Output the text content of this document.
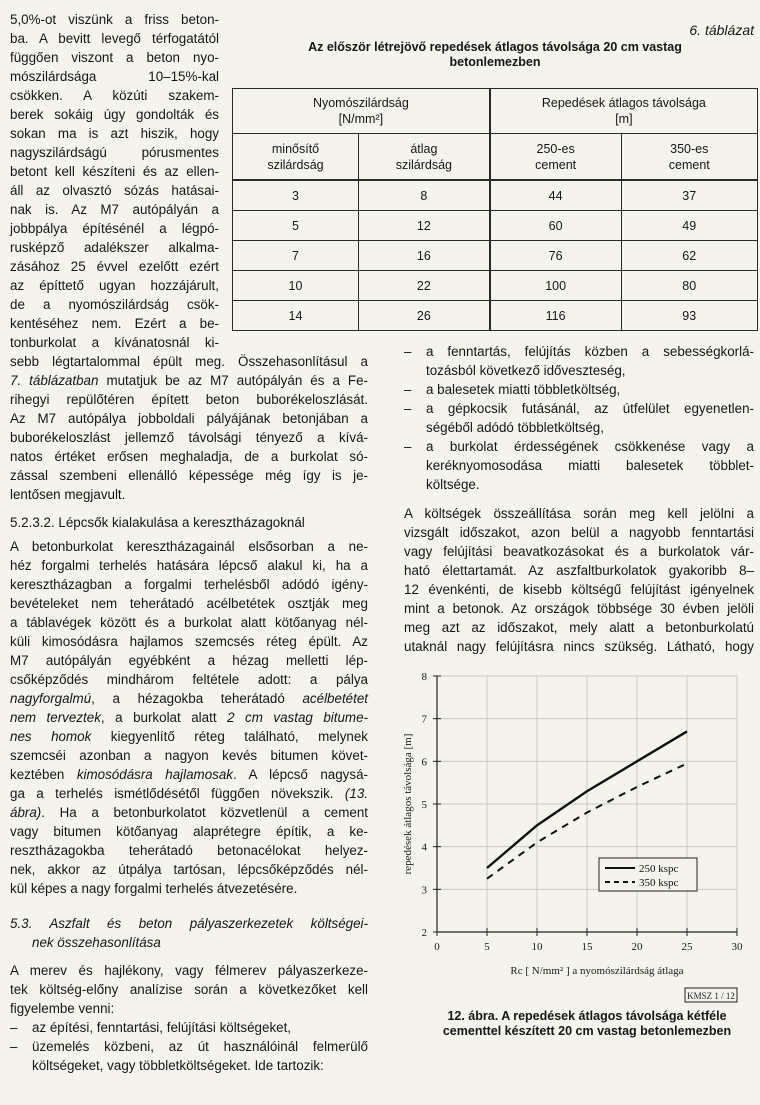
5,0%-ot viszünk a friss beton-

ba. A bevitt levegő térfogatától

függően viszont a beton nyo-

mószilárdsága 10–15%-kal

csökken. A közúti szakem-

berek sokáig úgy gondolták és

sokan ma is azt hiszik, hogy

nagyszilárdságú pórusmentes

betont kell készíteni és az ellen-

áll az olvasztó sózás hatásai-

nak is. Az M7 autópályán a

jobbpálya építésénél a légpó-

rusképző adalékszer alkalma-

zásához 25 évvel ezelőtt ezért

az építtető ugyan hozzájárult,

de a nyomószilárdság csök-

kentéséhez nem. Ezért a be-

tonburkolat a kívánatosnál ki-

6. táblázat
Az először létrejövő repedések átlagos távolsága 20 cm vastag
betonlemezben
Nyomószilárdság
[N/mm²]		Repedések átlagos távolsága
[m]	
minősítő
szilárdság	átlag
szilárdság	250-es
cement	350-es
cement
3	8	44	37
5	12	60	49
7	16	76	62
10	22	100	80
14	26	116	93

sebb légtartalommal épült meg. Összehasonlításul a

7. táblázatban mutatjuk be az M7 autópályán és a Fe-

rihegyi repülőtéren épített beton buborékeloszlását.

Az M7 autópálya jobboldali pályájának betonjában a

buborékeloszlást jellemző távolsági tényező a kívá-

natos értéket erősen meghaladja, de a burkolat só-

zással szembeni ellenálló képessége még így is je-

lentősen megjavult.

5.2.3.2. Lépcsők kialakulása a keresztházagoknál

A betonburkolat keresztházagainál elsősorban a ne-

héz forgalmi terhelés hatására lépcső alakul ki, ha a

keresztházagban a forgalmi terhelésből adódó igény-

bevételeket nem teherátadó acélbetétek osztják meg

a táblavégek között és a burkolat alatt kötőanyag nél-

küli kimosódásra hajlamos szemcsés réteg épült. Az

M7 autópályán egyébként a hézag melletti lép-

csőképződés mindhárom feltétele adott: a pálya

nagyforgalmú, a hézagokba teherátadó acélbetétet

nem terveztek, a burkolat alatt 2 cm vastag bitume-

nes homok kiegyenlítő réteg található, melynek

szemcséi azonban a nagyon kevés bitumen követ-

keztében kimosódásra hajlamosak. A lépcső nagysá-

ga a terhelés ismétlődésétől függően növekszik. (13.

ábra). Ha a betonburkolatot közvetlenül a cement

vagy bitumen kötőanyag alaprétegre építik, a ke-

resztházagokba teherátadó betonacélokat helyez-

nek, akkor az útpálya tartósan, lépcsőképződés nél-

kül képes a nagy forgalmi terhelés átvezetésére.

5.3. Aszfalt és beton pályaszerkezetek költségei-

nek összehasonlítása

A merev és hajlékony, vagy félmerev pályaszerkeze-

tek költség-előny analízise során a következőket kell

figyelembe venni:

– az építési, fenntartási, felújítási költségeket,

– üzemelés közbeni, az út használóinál felmerülő

költségeket, vagy többletköltségeket. Ide tartozik:

– a fenntartás, felújítás közben a sebességkorlá-

tozásból következő időveszteség,

– a balesetek miatti többletköltség,

– a gépkocsik futásánál, az útfelület egyenetlen-

ségéből adódó többletköltség,

– a burkolat érdességének csökkenése vagy a

keréknyomosodása miatti balesetek többlet-

költsége.

A költségek összeállítása során meg kell jelölni a

vizsgált időszakot, azon belül a nagyobb fenntartási

vagy felújítási beavatkozásokat és a burkolatok vár-

ható élettartamát. Az aszfaltburkolatok gyakoribb 8–

12 évenkénti, de kisebb költségű felújítást igényelnek

mint a betonok. Az országok többsége 30 évben jelöli

meg azt az időszakot, mely alatt a betonburkolatú

utaknál nagy felújításra nincs szükség. Látható, hogy

0	5	10	15	20	25	30
2
3
4
5
6
7
8
250 kspc
350 kspc
Rc [ N/mm² ] a nyomószilárdság átlaga
repedések átlagos távolsága [m]
KMSZ 1 / 12
12. ábra. A repedések átlagos távolsága kétféle
cementtel készített 20 cm vastag betonlemezben
